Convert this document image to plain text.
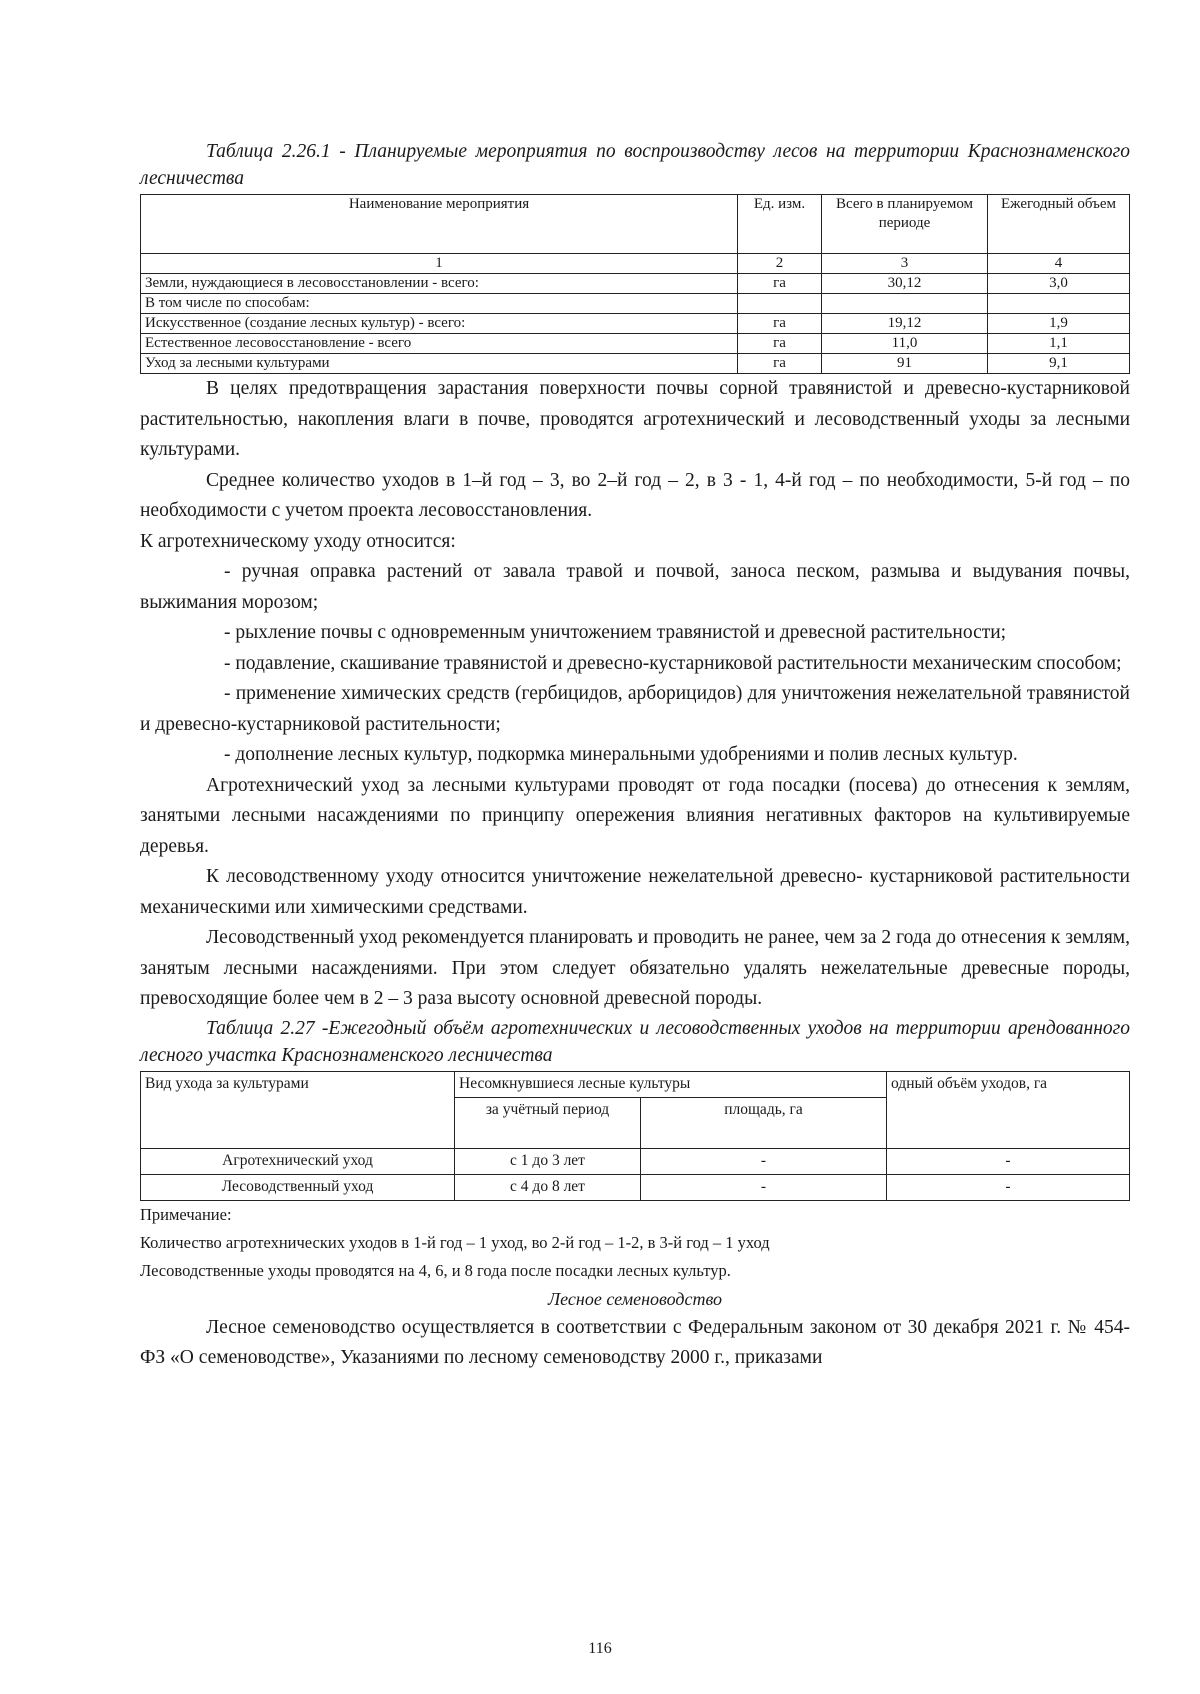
Таблица 2.26.1 - Планируемые мероприятия по воспроизводству лесов на территории Краснознаменского лесничества
Наименование мероприятия	Ед. изм.	Всего в планируемом периоде	Ежегодный объем
1	2	3	4
Земли, нуждающиеся в лесовосстановлении - всего:	га	30,12	3,0
В том числе по способам:			
Искусственное (создание лесных культур) - всего:	га	19,12	1,9
Естественное лесовосстановление - всего	га	11,0	1,1
Уход за лесными культурами	га	91	9,1

В целях предотвращения зарастания поверхности почвы сорной травянистой и древесно-кустарниковой растительностью, накопления влаги в почве, проводятся агротехнический и лесоводственный уходы за лесными культурами.

Среднее количество уходов в 1–й год – 3, во 2–й год – 2, в 3 - 1, 4-й год – по необходимости, 5-й год – по необходимости с учетом проекта лесовосстановления.

К агротехническому уходу относится:

- ручная оправка растений от завала травой и почвой, заноса песком, размыва и выдувания почвы, выжимания морозом;

- рыхление почвы с одновременным уничтожением травянистой и древесной растительности;

- подавление, скашивание травянистой и древесно-кустарниковой растительности механическим способом;

- применение химических средств (гербицидов, арборицидов) для уничтожения нежелательной травянистой и древесно-кустарниковой растительности;

- дополнение лесных культур, подкормка минеральными удобрениями и полив лесных культур.

Агротехнический уход за лесными культурами проводят от года посадки (посева) до отнесения к землям, занятыми лесными насаждениями по принципу опережения влияния негативных факторов на культивируемые деревья.

К лесоводственному уходу относится уничтожение нежелательной древесно- кустарниковой растительности механическими или химическими средствами.

Лесоводственный уход рекомендуется планировать и проводить не ранее, чем за 2 года до отнесения к землям, занятым лесными насаждениями. При этом следует обязательно удалять нежелательные древесные породы, превосходящие более чем в 2 – 3 раза высоту основной древесной породы.

Таблица 2.27 -Ежегодный объём агротехнических и лесоводственных уходов на территории арендованного лесного участка Краснознаменского лесничества
Вид ухода за культурами	Несомкнувшиеся лесные культуры		одный объём уходов, га
	за учётный период	площадь, га	
Агротехнический уход	с 1 до 3 лет	-	-
Лесоводственный уход	с 4 до 8 лет	-	-
Примечание:
Количество агротехнических уходов в 1-й год – 1 уход, во 2-й год – 1-2, в 3-й год – 1 уход
Лесоводственные уходы проводятся на 4, 6, и 8 года после посадки лесных культур.
Лесное семеноводство

Лесное семеноводство осуществляется в соответствии с Федеральным законом от 30 декабря 2021 г. № 454-ФЗ «О семеноводстве», Указаниями по лесному семеноводству 2000 г., приказами

116
